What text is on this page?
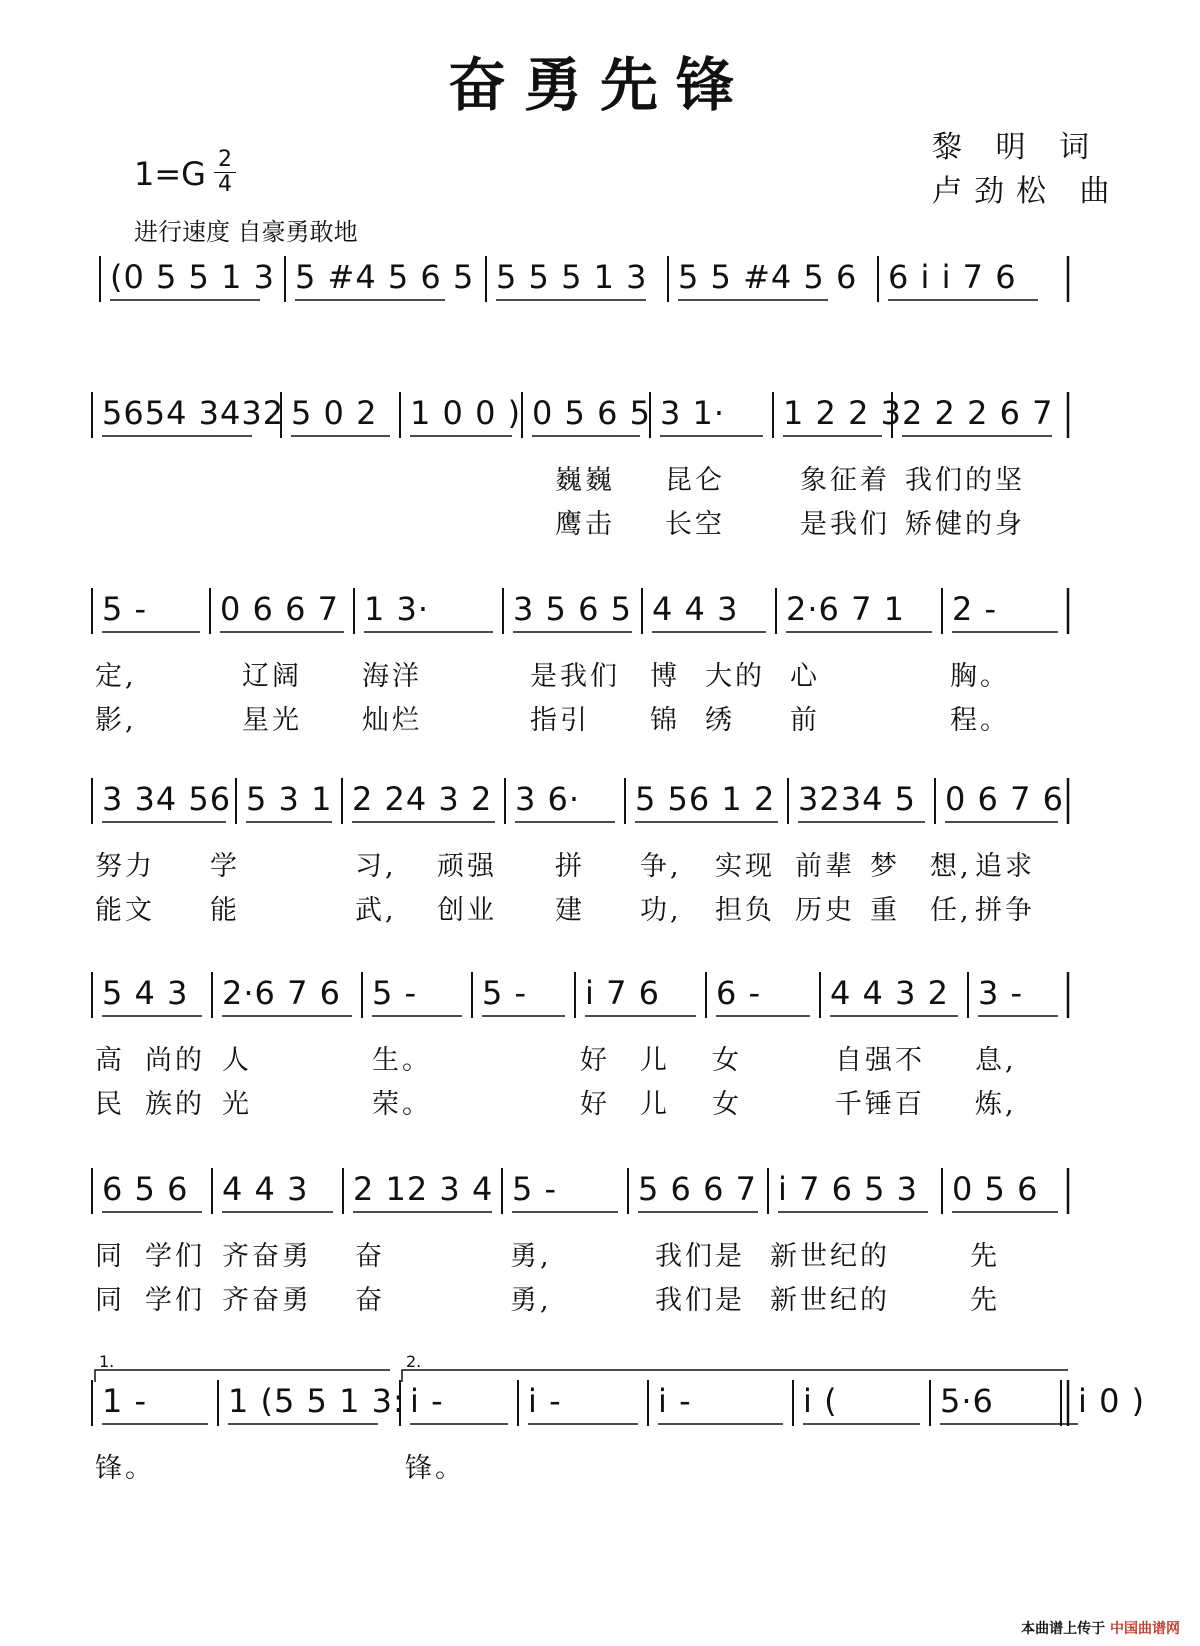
奋勇先锋
1=G 2
4
进行速度 自豪勇敢地
黎 明 词
卢劲松 曲
(0 5 5 1 3 5 #4 5 6 5 5 5 5 1 3 5 5 #4 5 6 6 i i 7 6
5654 3432 5 0 2 1 0 0 ) 0 5 6 5 3 1· 1 2 2 3 2 2 2 6 7
巍巍 昆仑	象征着 我们的坚
鹰击 长空	是我们 矫健的身
5 - 0 6 6 7 1 3·	3 5 6 5 4 4 3 2·6 7 1 2 -
定,	辽阔 海洋	是我们 博 大的 心	胸。
影,	星光 灿烂	指引 锦 绣 前	程。
3 34 56 5 3 1 2 24 3 2 3 6· 5 56 1 2 3234 5 0 6 7 6
努力 学	习, 顽强 拼 争, 实现 前辈 梦 想, 追求
能文 能	武, 创业 建 功, 担负 历史 重 任, 拼争
5 4 3 2·6 7 6 5 - 5 - i 7 6 6 - 4 4 3 2 3 -
高 尚的 人	生。	好 儿 女	自强不 息,
民 族的 光	荣。	好 儿 女	千锤百 炼,
6 5 6 4 4 3 2 12 3 4 5 -	5 6 6 7 i 7 6 5 3 0 5 6
同 学们 齐奋勇 奋	勇,	我们是 新世纪的	先
同 学们 齐奋勇 奋	勇,	我们是 新世纪的	先
1 -	1 (5 5 1 3: i -	i -	i -	i (	5·6	i 0 )
1.	2.
锋。	锋。
本曲谱上传于 中国曲谱网
